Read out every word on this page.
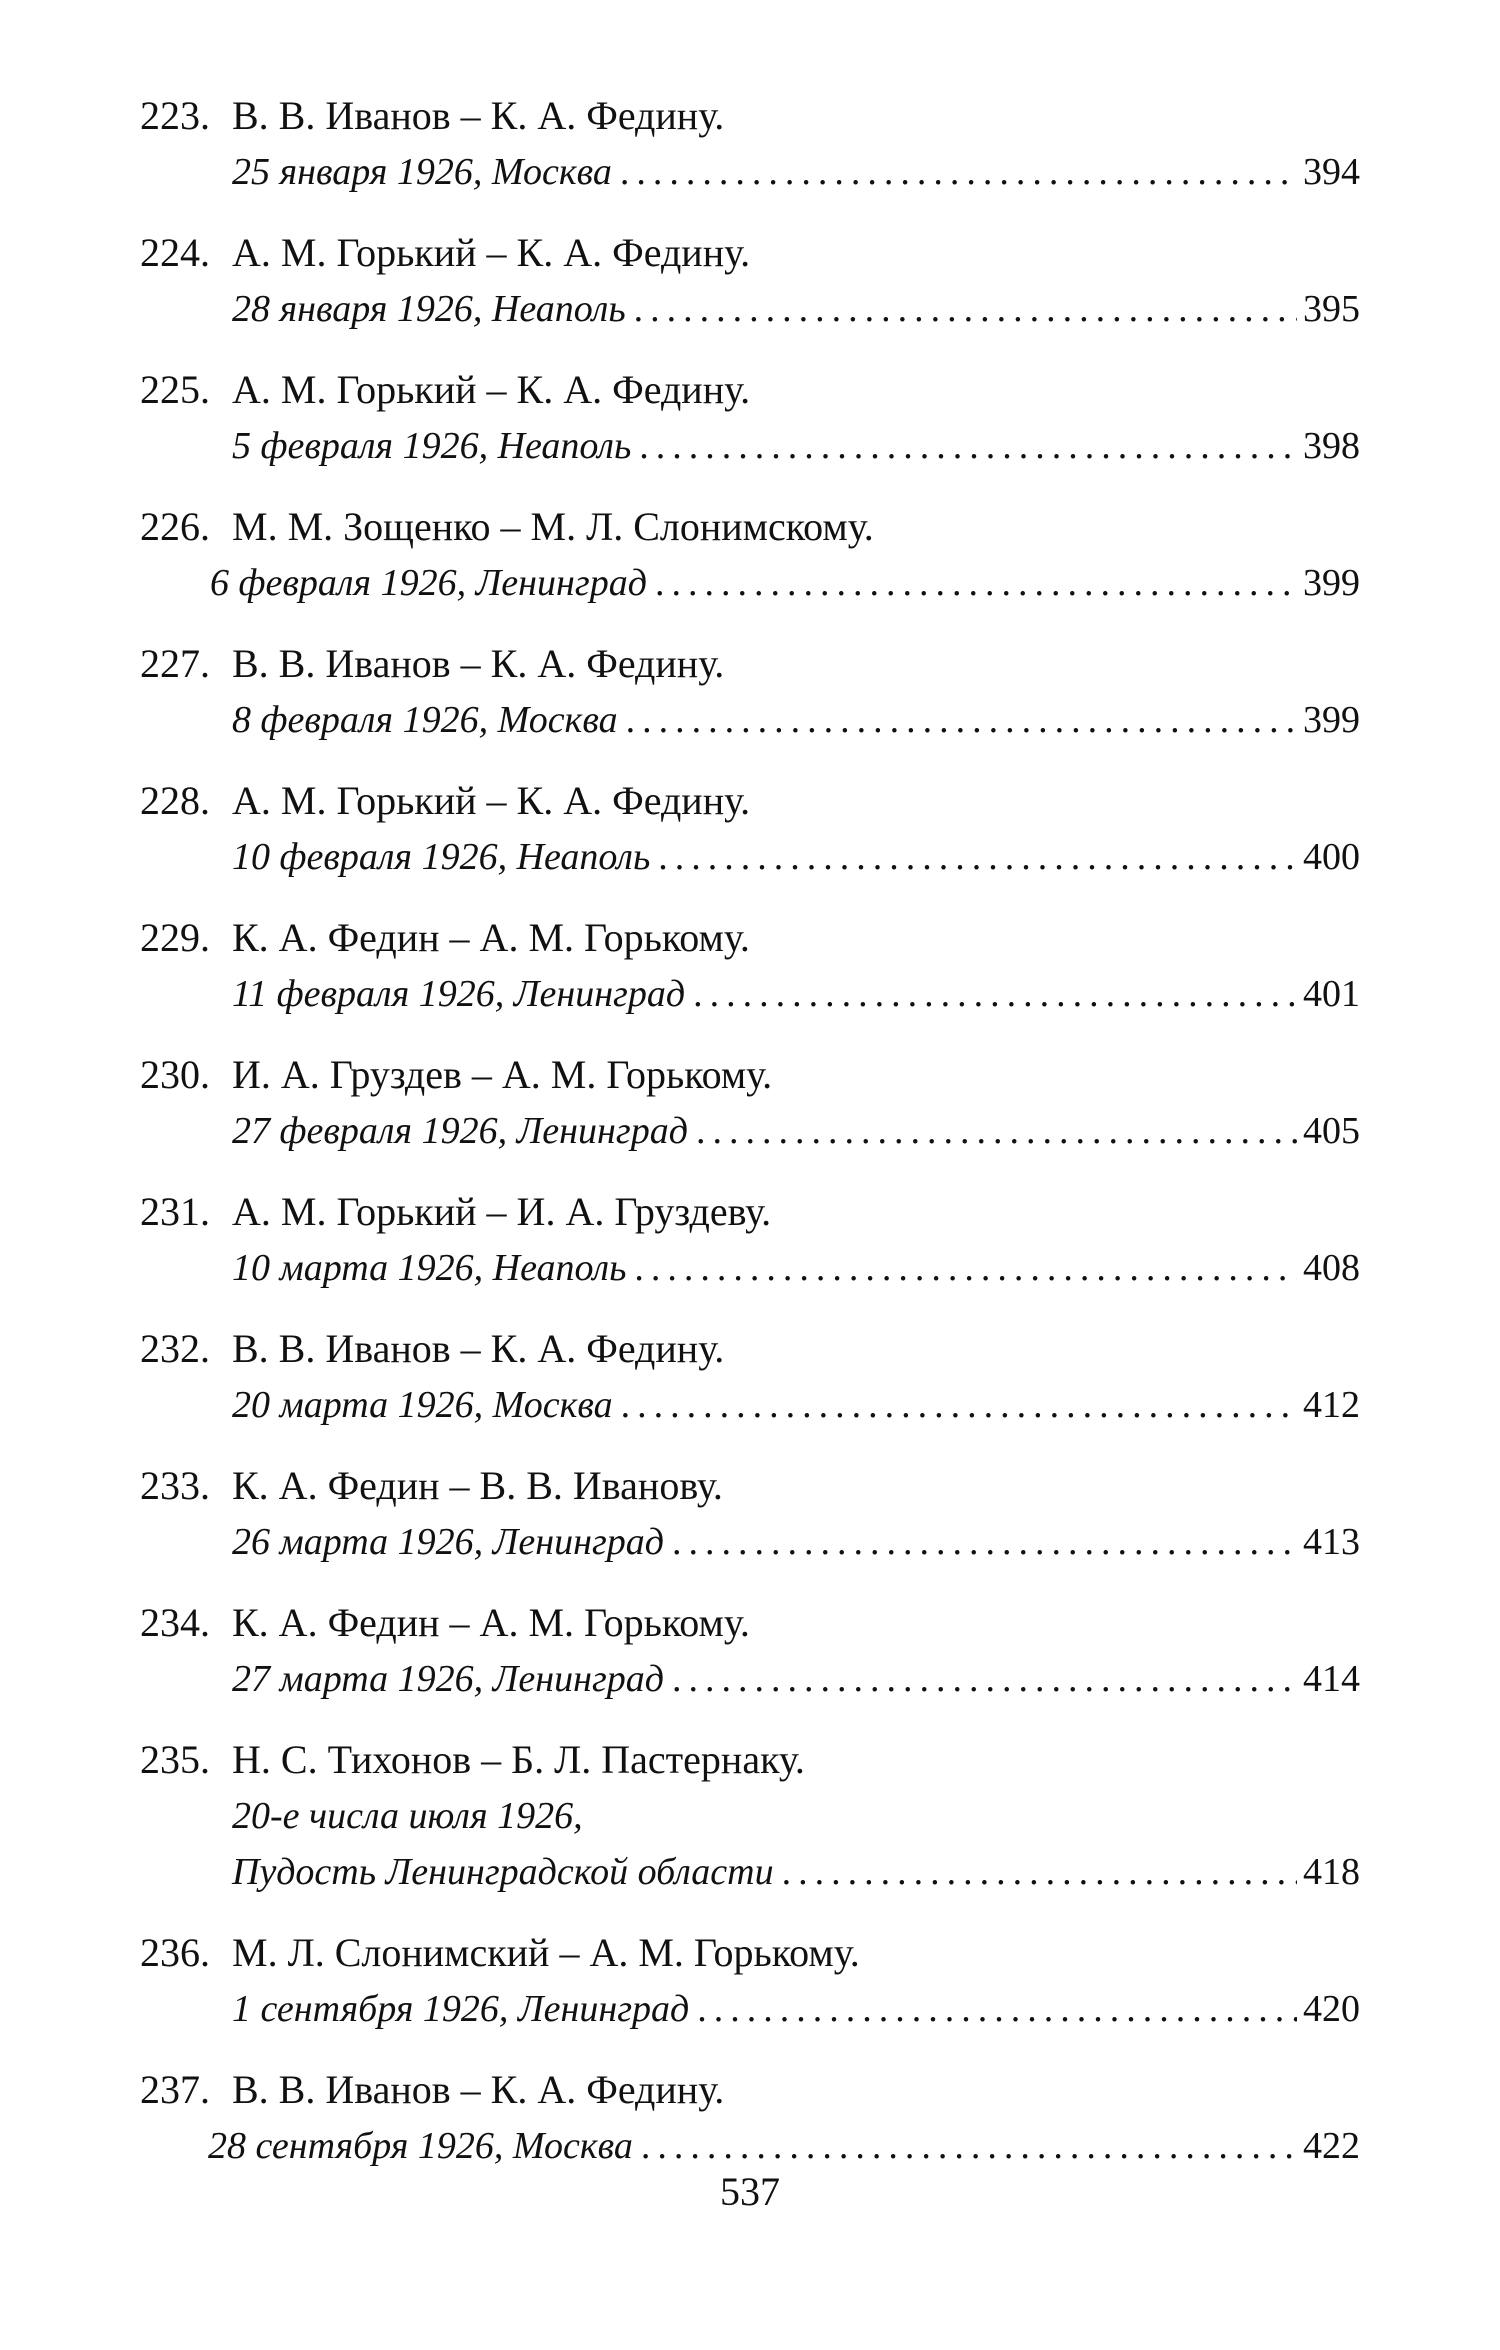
223. В. В. Иванов – К. А. Федину.
25 января 1926, Москва .....	394
224. А. М. Горький – К. А. Федину.
28 января 1926, Неаполь .....	395
225. А. М. Горький – К. А. Федину.
5 февраля 1926, Неаполь .....	398
226. М. М. Зощенко – М. Л. Слонимскому.
6 февраля 1926, Ленинград .....	399
227. В. В. Иванов – К. А. Федину.
8 февраля 1926, Москва .....	399
228. А. М. Горький – К. А. Федину.
10 февраля 1926, Неаполь .....	400
229. К. А. Федин – А. М. Горькому.
11 февраля 1926, Ленинград .....	401
230. И. А. Груздев – А. М. Горькому.
27 февраля 1926, Ленинград .....	405
231. А. М. Горький – И. А. Груздеву.
10 марта 1926, Неаполь .....	408
232. В. В. Иванов – К. А. Федину.
20 марта 1926, Москва .....	412
233. К. А. Федин – В. В. Иванову.
26 марта 1926, Ленинград .....	413
234. К. А. Федин – А. М. Горькому.
27 марта 1926, Ленинград .....	414
235. Н. С. Тихонов – Б. Л. Пастернаку.
20-е числа июля 1926,
Пудость Ленинградской области .....	418
236. М. Л. Слонимский – А. М. Горькому.
1 сентября 1926, Ленинград .....	420
237. В. В. Иванов – К. А. Федину.
28 сентября 1926, Москва .....	422
537
